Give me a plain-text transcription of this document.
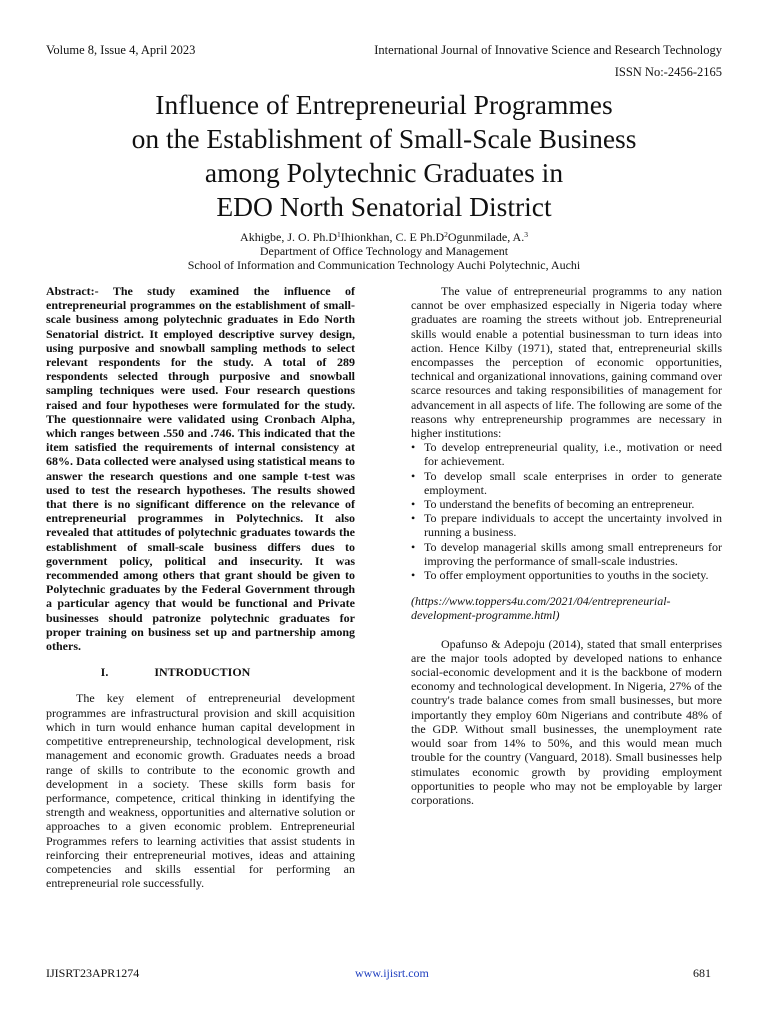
Volume 8, Issue 4, April 2023	International Journal of Innovative Science and Research Technology
ISSN No:-2456-2165
Influence of Entrepreneurial Programmes
on the Establishment of Small-Scale Business
among Polytechnic Graduates in
EDO North Senatorial District
Akhigbe, J. O. $Ph.D^1Ihionkhan$, C. E $Ph.D^2Ogunmilade$, A.$^3$
Department of Office Technology and Management
School of Information and Communication Technology Auchi Polytechnic, Auchi

Abstract:- The study examined the influence of entrepreneurial programmes on the establishment of small-scale business among polytechnic graduates in Edo North Senatorial district. It employed descriptive survey design, using purposive and snowball sampling methods to select relevant respondents for the study. A total of 289 respondents selected through purposive and snowball sampling techniques were used. Four research questions raised and four hypotheses were formulated for the study. The questionnaire were validated using Cronbach Alpha, which ranges between .550 and .746. This indicated that the item satisfied the requirements of internal consistency at 68%. Data collected were analysed using statistical means to answer the research questions and one sample t-test was used to test the research hypotheses. The results showed that there is no significant difference on the relevance of entrepreneurial programmes in Polytechnics. It also revealed that attitudes of polytechnic graduates towards the establishment of small-scale business differs dues to government policy, political and insecurity. It was recommended among others that grant should be given to Polytechnic graduates by the Federal Government through a particular agency that would be functional and Private businesses should patronize polytechnic graduates for proper training on business set up and partnership among others.

I.	INTRODUCTION

The key element of entrepreneurial development programmes are infrastructural provision and skill acquisition which in turn would enhance human capital development in competitive entrepreneurship, technological development, risk management and economic growth. Graduates needs a broad range of skills to contribute to the economic growth and development in a society. These skills form basis for performance, competence, critical thinking in identifying the strength and weakness, opportunities and alternative solution or approaches to a given economic problem. Entrepreneurial Programmes refers to learning activities that assist students in reinforcing their entrepreneurial motives, ideas and attaining competencies and skills essential for performing an entrepreneurial role successfully.

The value of entrepreneurial programms to any nation cannot be over emphasized especially in Nigeria today where graduates are roaming the streets without job. Entrepreneurial skills would enable a potential businessman to turn ideas into action. Hence Kilby (1971), stated that, entrepreneurial skills encompasses the perception of economic opportunities, technical and organizational innovations, gaining command over scarce resources and taking responsibilities of management for advancement in all aspects of life. The following are some of the reasons why entrepreneurship programmes are necessary in higher institutions:

• To develop entrepreneurial quality, i.e., motivation or need for achievement.
• To develop small scale enterprises in order to generate employment.
• To understand the benefits of becoming an entrepreneur.
• To prepare individuals to accept the uncertainty involved in running a business.
• To develop managerial skills among small entrepreneurs for improving the performance of small-scale industries.
• To offer employment opportunities to youths in the society.

(https://www.toppers4u.com/2021/04/entrepreneurial-development-programme.html)

Opafunso & Adepoju (2014), stated that small enterprises are the major tools adopted by developed nations to enhance social-economic development and it is the backbone of modern economy and technological development. In Nigeria, 27% of the country's trade balance comes from small businesses, but more importantly they employ 60m Nigerians and contribute 48% of the GDP. Without small businesses, the unemployment rate would soar from 14% to 50%, and this would mean much trouble for the country (Vanguard, 2018). Small businesses help stimulates economic growth by providing employment opportunities to people who may not be employable by larger corporations.

IJISRT23APR1274	www.ijisrt.com	681
